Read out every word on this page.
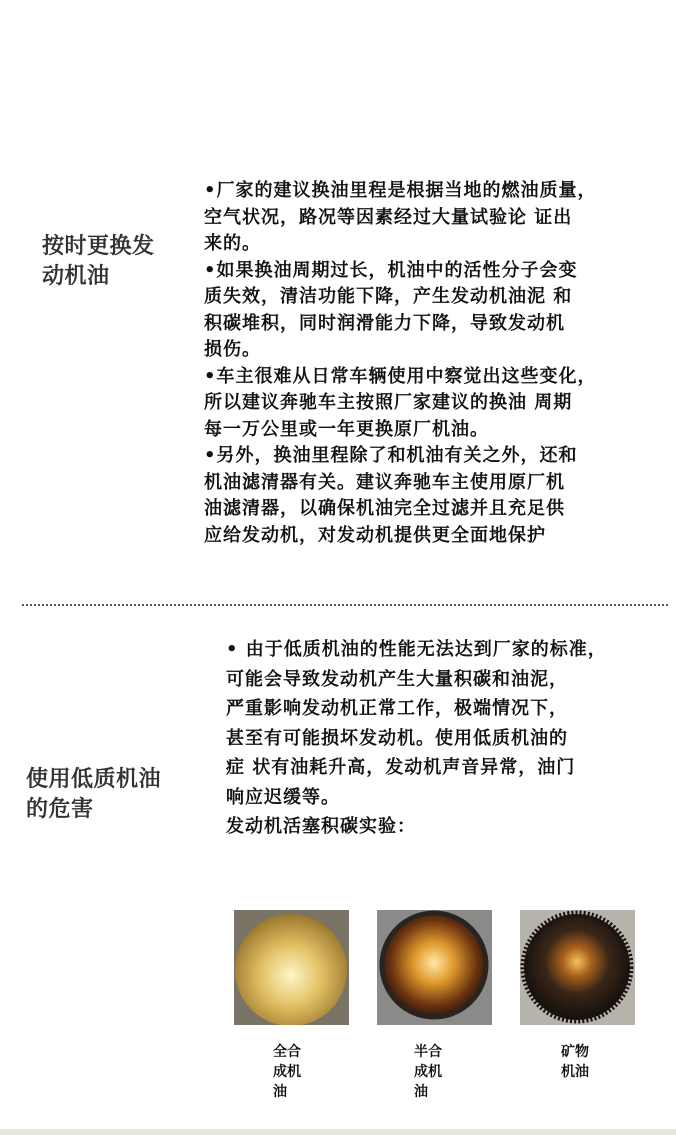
按时更换发
动机油
•厂家的建议换油里程是根据当地的燃油质量，
空气状况，路况等因素经过大量试验论 证出
来的。
•如果换油周期过长，机油中的活性分子会变
质失效，清洁功能下降，产生发动机油泥 和
积碳堆积，同时润滑能力下降，导致发动机
损伤。
•车主很难从日常车辆使用中察觉出这些变化，
所以建议奔驰车主按照厂家建议的换油 周期
每一万公里或一年更换原厂机油。
•另外，换油里程除了和机油有关之外，还和
机油滤清器有关。建议奔驰车主使用原厂机
油滤清器，以确保机油完全过滤并且充足供
应给发动机，对发动机提供更全面地保护
使用低质机油
的危害
• 由于低质机油的性能无法达到厂家的标准，
可能会导致发动机产生大量积碳和油泥，
严重影响发动机正常工作，极端情况下，
甚至有可能损坏发动机。使用低质机油的
症 状有油耗升高，发动机声音异常，油门
响应迟缓等。
发动机活塞积碳实验：
全合成机油
半合成机油
矿物机油
